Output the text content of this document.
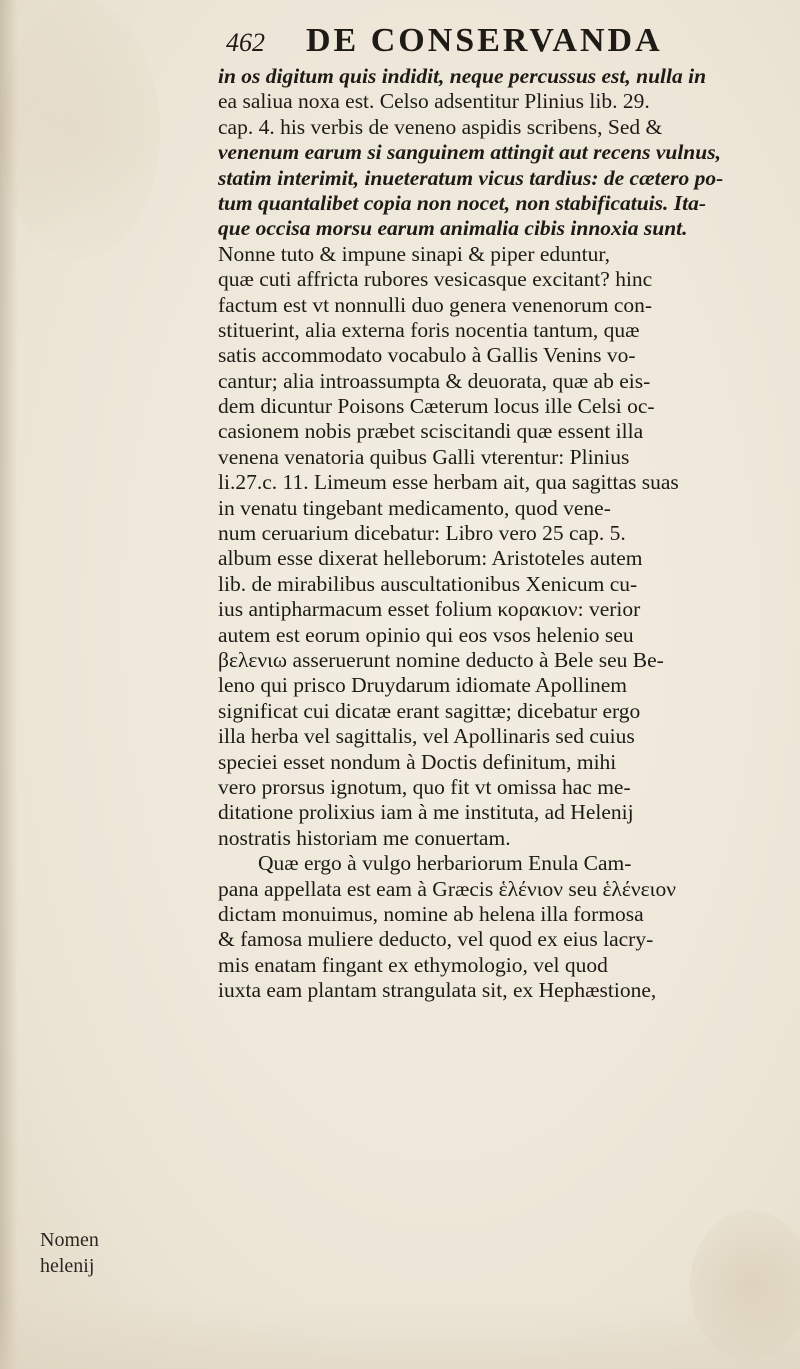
462 DE CONSERVANDA
in os digitum quis indidit, neque percussus est, nulla in
ea saliua noxa est. Celso adsentitur Plinius lib. 29.
cap. 4. his verbis de veneno aspidis scribens, Sed &
venenum earum si sanguinem attingit aut recens vulnus,
statim interimit, inueteratum vicus tardius: de cætero po-
tum quantalibet copia non nocet, non stabificatuis. Ita-
que occisa morsu earum animalia cibis innoxia sunt.
Nonne tuto & impune sinapi & piper eduntur,
quæ cuti affricta rubores vesicasque excitant? hinc
factum est vt nonnulli duo genera venenorum con-
stituerint, alia externa foris nocentia tantum, quæ
satis accommodato vocabulo à Gallis Venins vo-
cantur; alia introassumpta & deuorata, quæ ab eis-
dem dicuntur Poisons Cæterum locus ille Celsi oc-
casionem nobis præbet sciscitandi quæ essent illa
venena venatoria quibus Galli vterentur: Plinius
li.27.c. 11. Limeum esse herbam ait, qua sagittas suas
in venatu tingebant medicamento, quod vene-
num ceruarium dicebatur: Libro vero 25 cap. 5.
album esse dixerat helleborum: Aristoteles autem
lib. de mirabilibus auscultationibus Xenicum cu-
ius antipharmacum esset folium κορακιον: verior
autem est eorum opinio qui eos vsos helenio seu
βελενιω asseruerunt nomine deducto à Bele seu Be-
leno qui prisco Druydarum idiomate Apollinem
significat cui dicatæ erant sagittæ; dicebatur ergo
illa herba vel sagittalis, vel Apollinaris sed cuius
speciei esset nondum à Doctis definitum, mihi
vero prorsus ignotum, quo fit vt omissa hac me-
ditatione prolixius iam à me instituta, ad Helenij
nostratis historiam me conuertam.
Quæ ergo à vulgo herbariorum Enula Cam-
pana appellata est eam à Græcis ἑλένιον seu ἑλένειον
dictam monuimus, nomine ab helena illa formosa
& famosa muliere deducto, vel quod ex eius lacry-
mis enatam fingant ex ethymologio, vel quod
iuxta eam plantam strangulata sit, ex Hephæstione,
Nomen
helenij
